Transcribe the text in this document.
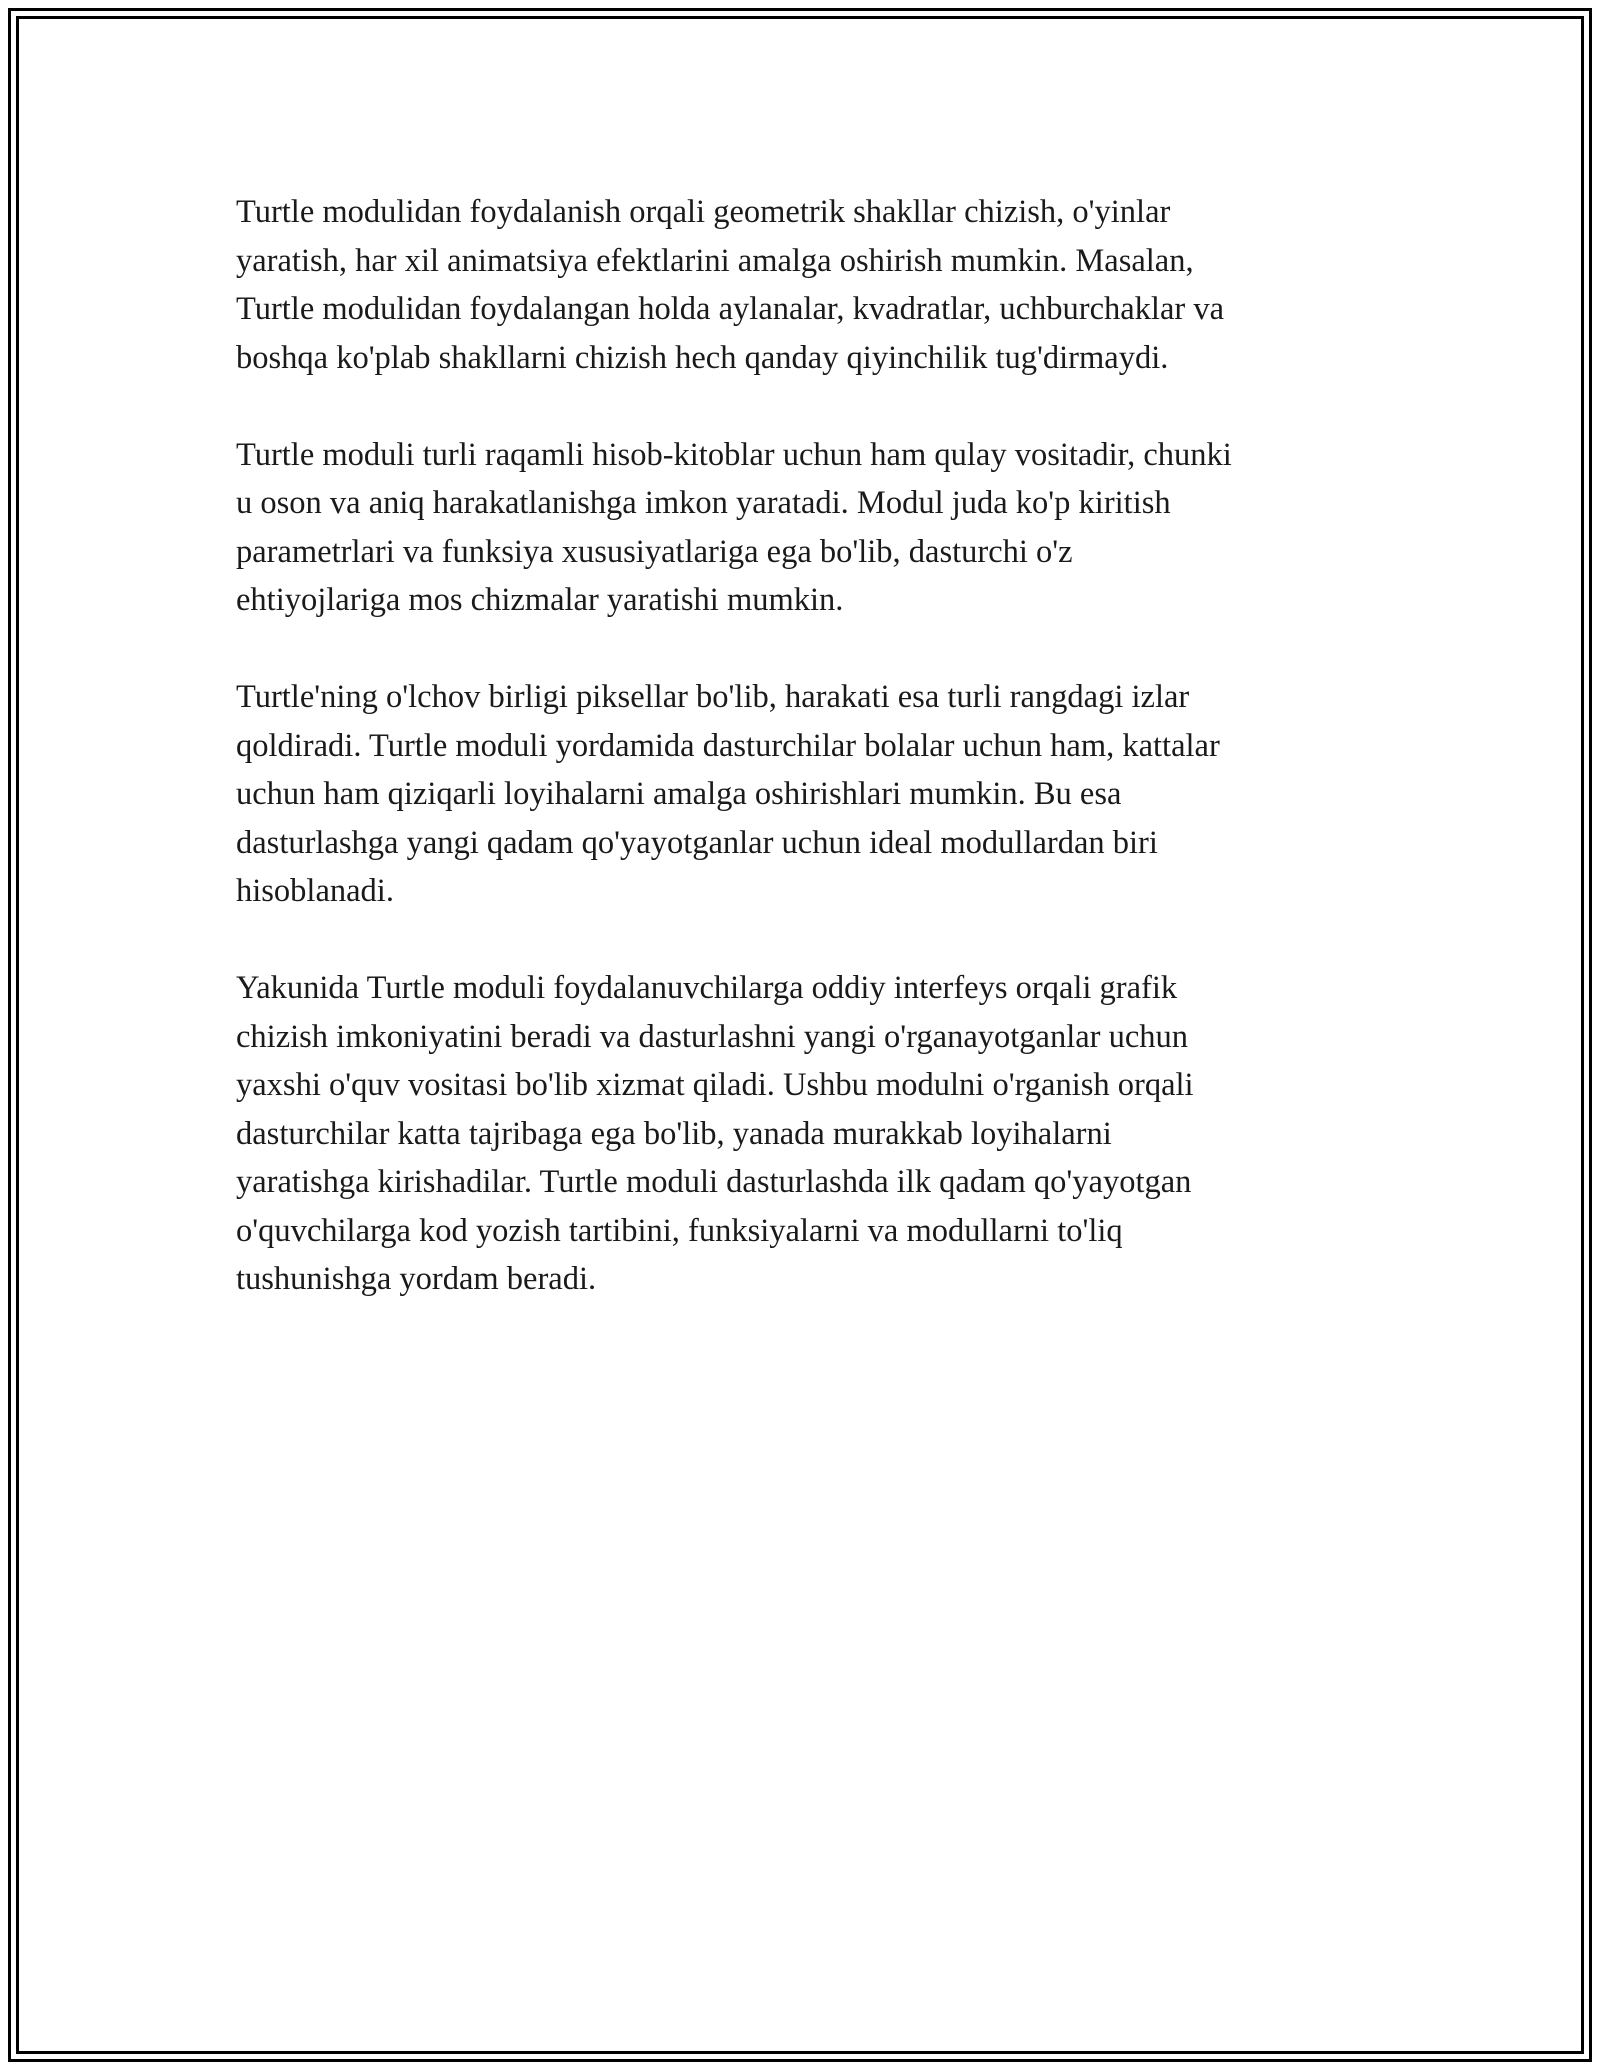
Turtle modulidan foydalanish orqali geometrik shakllar chizish, o'yinlar
yaratish, har xil animatsiya efektlarini amalga oshirish mumkin. Masalan,
Turtle modulidan foydalangan holda aylanalar, kvadratlar, uchburchaklar va
boshqa ko'plab shakllarni chizish hech qanday qiyinchilik tug'dirmaydi.

Turtle moduli turli raqamli hisob-kitoblar uchun ham qulay vositadir, chunki
u oson va aniq harakatlanishga imkon yaratadi. Modul juda ko'p kiritish
parametrlari va funksiya xususiyatlariga ega bo'lib, dasturchi o'z
ehtiyojlariga mos chizmalar yaratishi mumkin.

Turtle'ning o'lchov birligi piksellar bo'lib, harakati esa turli rangdagi izlar
qoldiradi. Turtle moduli yordamida dasturchilar bolalar uchun ham, kattalar
uchun ham qiziqarli loyihalarni amalga oshirishlari mumkin. Bu esa
dasturlashga yangi qadam qo'yayotganlar uchun ideal modullardan biri
hisoblanadi.

Yakunida Turtle moduli foydalanuvchilarga oddiy interfeys orqali grafik
chizish imkoniyatini beradi va dasturlashni yangi o'rganayotganlar uchun
yaxshi o'quv vositasi bo'lib xizmat qiladi. Ushbu modulni o'rganish orqali
dasturchilar katta tajribaga ega bo'lib, yanada murakkab loyihalarni
yaratishga kirishadilar. Turtle moduli dasturlashda ilk qadam qo'yayotgan
o'quvchilarga kod yozish tartibini, funksiyalarni va modullarni to'liq
tushunishga yordam beradi.
